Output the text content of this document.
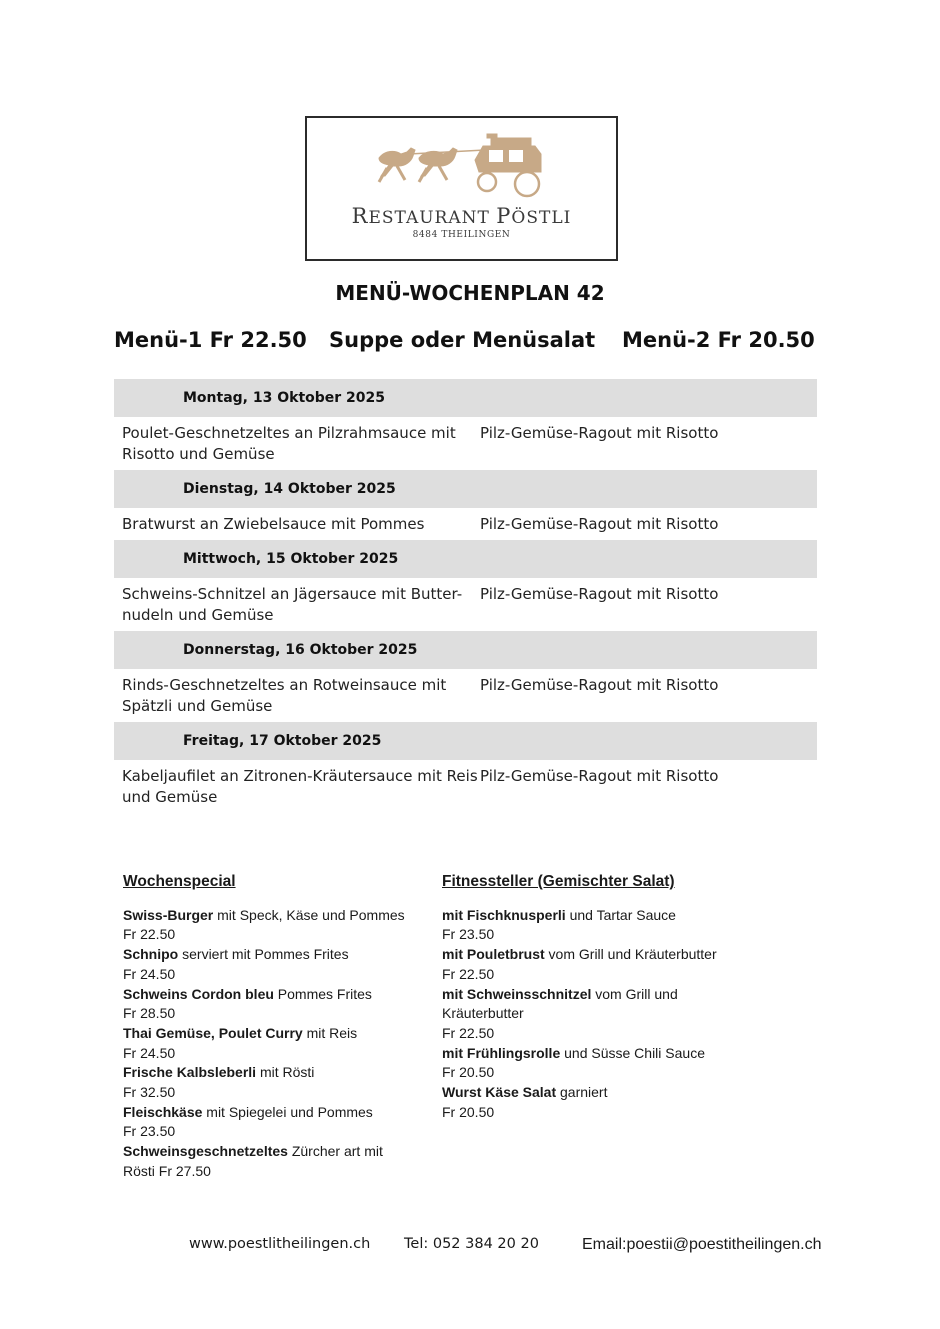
RESTAURANT PÖSTLI
8484 THEILINGEN
MENÜ-WOCHENPLAN 42
Menü-1 Fr 22.50 Suppe oder Menüsalat Menü-2 Fr 20.50
Montag, 13 Oktober 2025
Poulet-Geschnetzeltes an Pilzrahmsauce mit Risotto und Gemüse
Pilz-Gemüse-Ragout mit Risotto
Dienstag, 14 Oktober 2025
Bratwurst an Zwiebelsauce mit Pommes	Pilz-Gemüse-Ragout mit Risotto
Mittwoch, 15 Oktober 2025
Schweins-Schnitzel an Jägersauce mit Butter-nudeln und Gemüse
Pilz-Gemüse-Ragout mit Risotto
Donnerstag, 16 Oktober 2025
Rinds-Geschnetzeltes an Rotweinsauce mit Spätzli und Gemüse
Pilz-Gemüse-Ragout mit Risotto
Freitag, 17 Oktober 2025
Kabeljaufilet an Zitronen-Kräutersauce mit Reis und Gemüse
Pilz-Gemüse-Ragout mit Risotto
Wochenspecial
Swiss-Burger mit Speck, Käse und Pommes
Fr 22.50
Schnipo serviert mit Pommes Frites
Fr 24.50
Schweins Cordon bleu Pommes Frites
Fr 28.50
Thai Gemüse, Poulet Curry mit Reis
Fr 24.50
Frische Kalbsleberli mit Rösti
Fr 32.50
Fleischkäse mit Spiegelei und Pommes
Fr 23.50
Schweinsgeschnetzeltes Zürcher art mit
Rösti Fr 27.50
Fitnessteller (Gemischter Salat)
mit Fischknusperli und Tartar Sauce
Fr 23.50
mit Pouletbrust vom Grill und Kräuterbutter
Fr 22.50
mit Schweinsschnitzel vom Grill und
Kräuterbutter
Fr 22.50
mit Frühlingsrolle und Süsse Chili Sauce
Fr 20.50
Wurst Käse Salat garniert
Fr 20.50
www.poestlitheilingen.ch Tel: 052 384 20 20	Email:poestii@poestitheilingen.ch
